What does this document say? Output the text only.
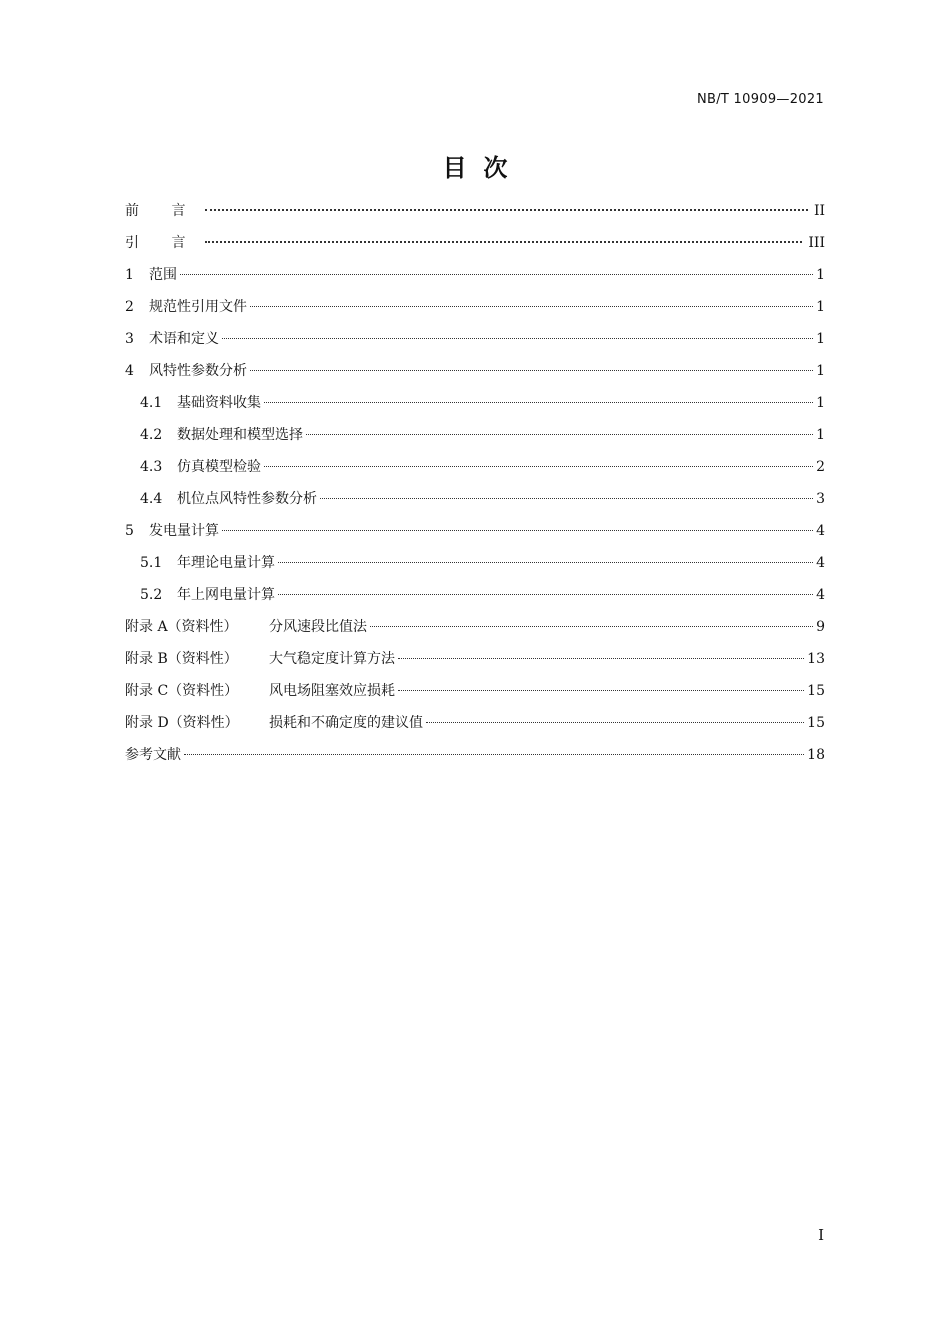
NB/T 10909—2021
目  次
前 言	II
引 言	III
1	范围	1
2	规范性引用文件	1
3	术语和定义	1
4	风特性参数分析	1
4.1	基础资料收集	1
4.2	数据处理和模型选择	1
4.3	仿真模型检验	2
4.4	机位点风特性参数分析	3
5	发电量计算	4
5.1	年理论电量计算	4
5.2	年上网电量计算	4
附录 A（资料性）	分风速段比值法	9
附录 B（资料性）	大气稳定度计算方法	13
附录 C（资料性）	风电场阻塞效应损耗	15
附录 D（资料性）	损耗和不确定度的建议值	15
参考文献	18
I
